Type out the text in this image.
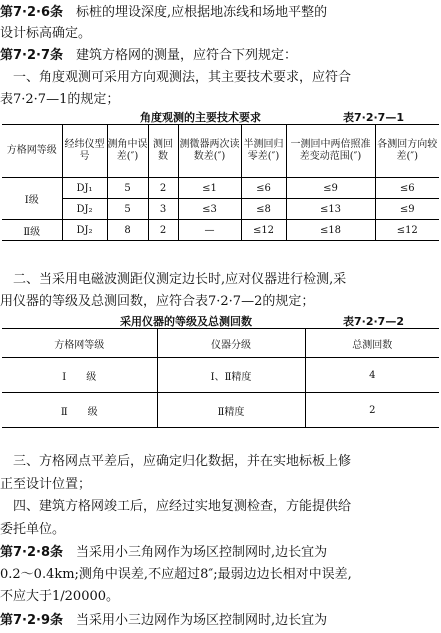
第7·2·6条　标桩的埋设深度,应根据地冻线和场地平整的
设计标高确定。
第7·2·7条　建筑方格网的测量，应符合下列规定：
　一、角度观测可采用方向观测法，其主要技术要求，应符合
表7·2·7—1的规定；
角度观测的主要技术要求	表7·2·7—1
方格网等级	经纬仪型号	测角中误差(″)	测回数	测微器两次读数差(″)	半测回归零差(″)	一测回中两倍照准差变动范围(″)	各测回方向较差(″)
Ⅰ级	DJ₁	5	2	≤1	≤6	≤9	≤6
	DJ₂	5	3	≤3	≤8	≤13	≤9
Ⅱ级	DJ₂	8	2	—	≤12	≤18	≤12
　二、当采用电磁波测距仪测定边长时,应对仪器进行检测,采
用仪器的等级及总测回数，应符合表7·2·7—2的规定；
采用仪器的等级及总测回数	表7·2·7—2
方格网等级	仪器分级	总测回数
Ⅰ　　级	Ⅰ、Ⅱ精度	4
Ⅱ　　级	Ⅱ精度	2
　三、方格网点平差后，应确定归化数据，并在实地标板上修
正至设计位置；
　四、建筑方格网竣工后，应经过实地复测检查，方能提供给
委托单位。
第7·2·8条　当采用小三角网作为场区控制网时,边长宜为
0.2～0.4km;测角中误差,不应超过8″;最弱边边长相对中误差,
不应大于1/20000。
第7·2·9条　当采用小三边网作为场区控制网时,边长宜为
